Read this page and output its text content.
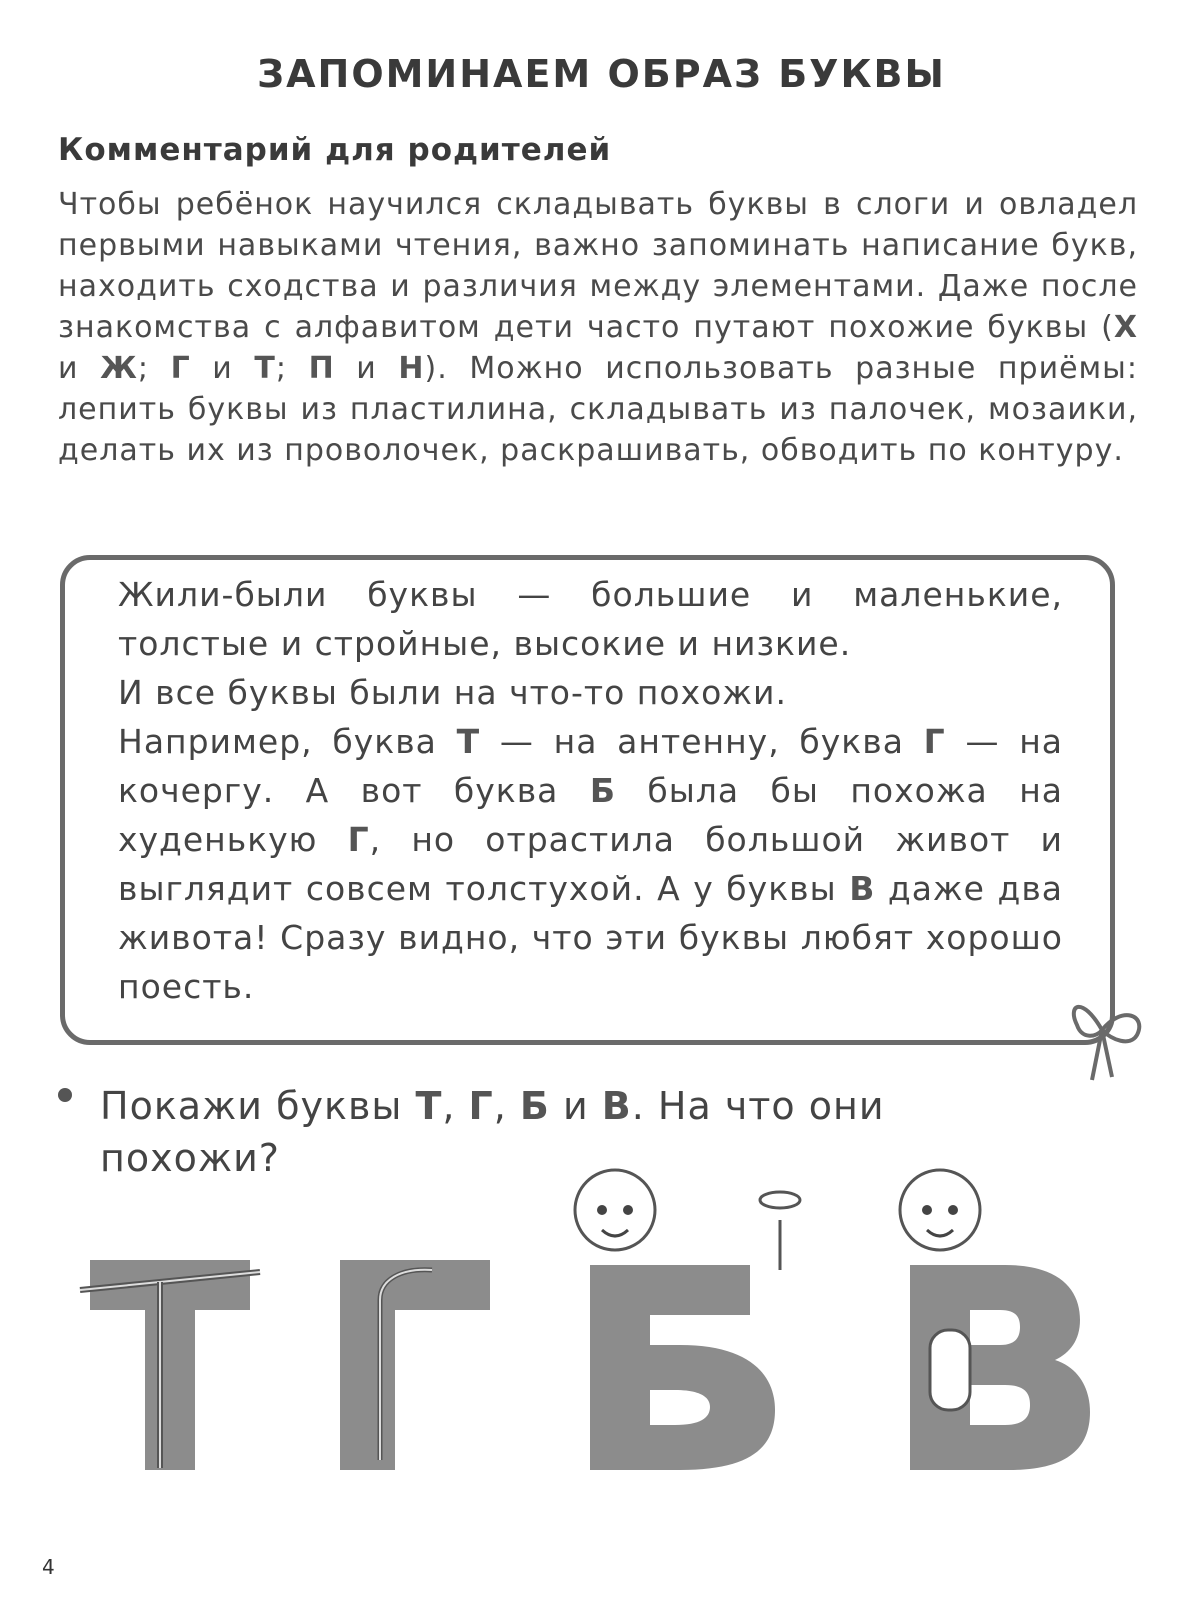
ЗАПОМИНАЕМ ОБРАЗ БУКВЫ
Комментарий для родителей
Чтобы ребёнок научился складывать буквы в слоги и овладел первыми навыками чтения, важно запоминать написание букв, находить сходства и различия между элементами. Даже после знакомства с алфавитом дети часто путают похожие буквы (Х и Ж; Г и Т; П и Н). Можно использовать разные приёмы: лепить буквы из пластилина, складывать из палочек, мозаики, делать их из проволочек, раскрашивать, обводить по контуру.

Жили-были буквы — большие и маленькие, толстые и стройные, высокие и низкие.

И все буквы были на что-то похожи.

Например, буква Т — на антенну, буква Г — на кочергу. А вот буква Б была бы похожа на худенькую Г, но отрастила большой живот и выглядит совсем толстухой. А у буквы В даже два живота! Сразу видно, что эти буквы любят хорошо поесть.

Покажи буквы Т, Г, Б и В. На что они похожи?
4
